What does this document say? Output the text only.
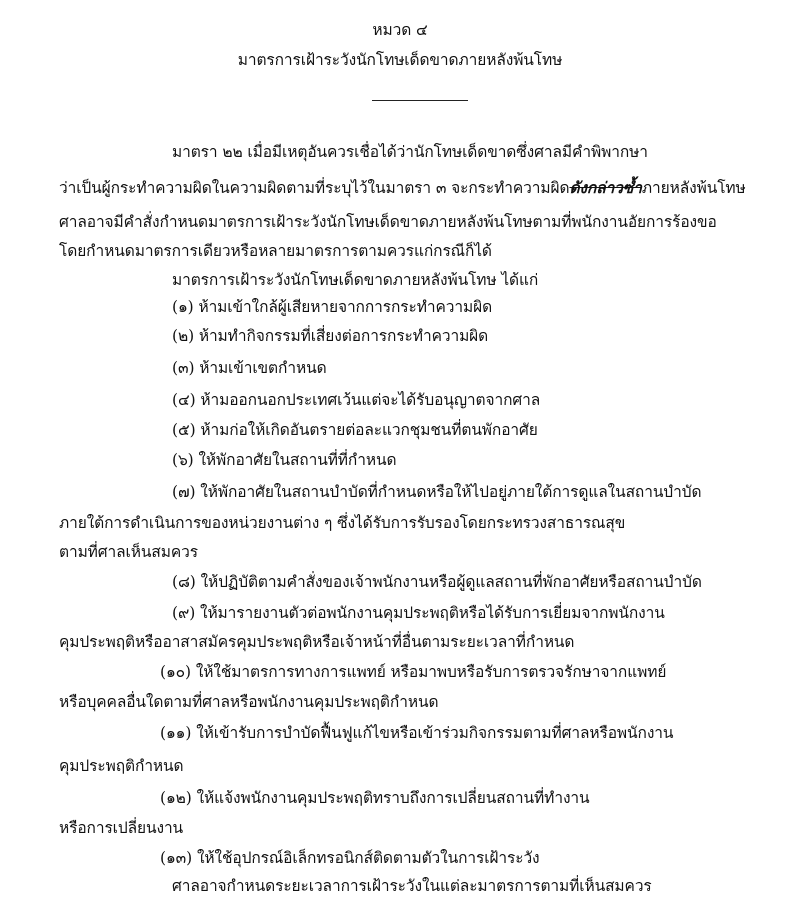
หมวด ๔
มาตรการเฝ้าระวังนักโทษเด็ดขาดภายหลังพ้นโทษ
มาตรา ๒๒ เมื่อมีเหตุอันควรเชื่อได้ว่านักโทษเด็ดขาดซึ่งศาลมีคำพิพากษา
ว่าเป็นผู้กระทำความผิดในความผิดตามที่ระบุไว้ในมาตรา ๓ จะกระทำความผิดดังกล่าวซ้ำภายหลังพ้นโทษ
ศาลอาจมีคำสั่งกำหนดมาตรการเฝ้าระวังนักโทษเด็ดขาดภายหลังพ้นโทษตามที่พนักงานอัยการร้องขอ
โดยกำหนดมาตรการเดียวหรือหลายมาตรการตามควรแก่กรณีก็ได้
มาตรการเฝ้าระวังนักโทษเด็ดขาดภายหลังพ้นโทษ ได้แก่
(๑) ห้ามเข้าใกล้ผู้เสียหายจากการกระทำความผิด
(๒) ห้ามทำกิจกรรมที่เสี่ยงต่อการกระทำความผิด
(๓) ห้ามเข้าเขตกำหนด
(๔) ห้ามออกนอกประเทศเว้นแต่จะได้รับอนุญาตจากศาล
(๕) ห้ามก่อให้เกิดอันตรายต่อละแวกชุมชนที่ตนพักอาศัย
(๖) ให้พักอาศัยในสถานที่ที่กำหนด
(๗) ให้พักอาศัยในสถานบำบัดที่กำหนดหรือให้ไปอยู่ภายใต้การดูแลในสถานบำบัด
ภายใต้การดำเนินการของหน่วยงานต่าง ๆ ซึ่งได้รับการรับรองโดยกระทรวงสาธารณสุข
ตามที่ศาลเห็นสมควร
(๘) ให้ปฏิบัติตามคำสั่งของเจ้าพนักงานหรือผู้ดูแลสถานที่พักอาศัยหรือสถานบำบัด
(๙) ให้มารายงานตัวต่อพนักงานคุมประพฤติหรือได้รับการเยี่ยมจากพนักงาน
คุมประพฤติหรืออาสาสมัครคุมประพฤติหรือเจ้าหน้าที่อื่นตามระยะเวลาที่กำหนด
(๑๐) ให้ใช้มาตรการทางการแพทย์ หรือมาพบหรือรับการตรวจรักษาจากแพทย์
หรือบุคคลอื่นใดตามที่ศาลหรือพนักงานคุมประพฤติกำหนด
(๑๑) ให้เข้ารับการบำบัดฟื้นฟูแก้ไขหรือเข้าร่วมกิจกรรมตามที่ศาลหรือพนักงาน
คุมประพฤติกำหนด
(๑๒) ให้แจ้งพนักงานคุมประพฤติทราบถึงการเปลี่ยนสถานที่ทำงาน
หรือการเปลี่ยนงาน
(๑๓) ให้ใช้อุปกรณ์อิเล็กทรอนิกส์ติดตามตัวในการเฝ้าระวัง
ศาลอาจกำหนดระยะเวลาการเฝ้าระวังในแต่ละมาตรการตามที่เห็นสมควร
